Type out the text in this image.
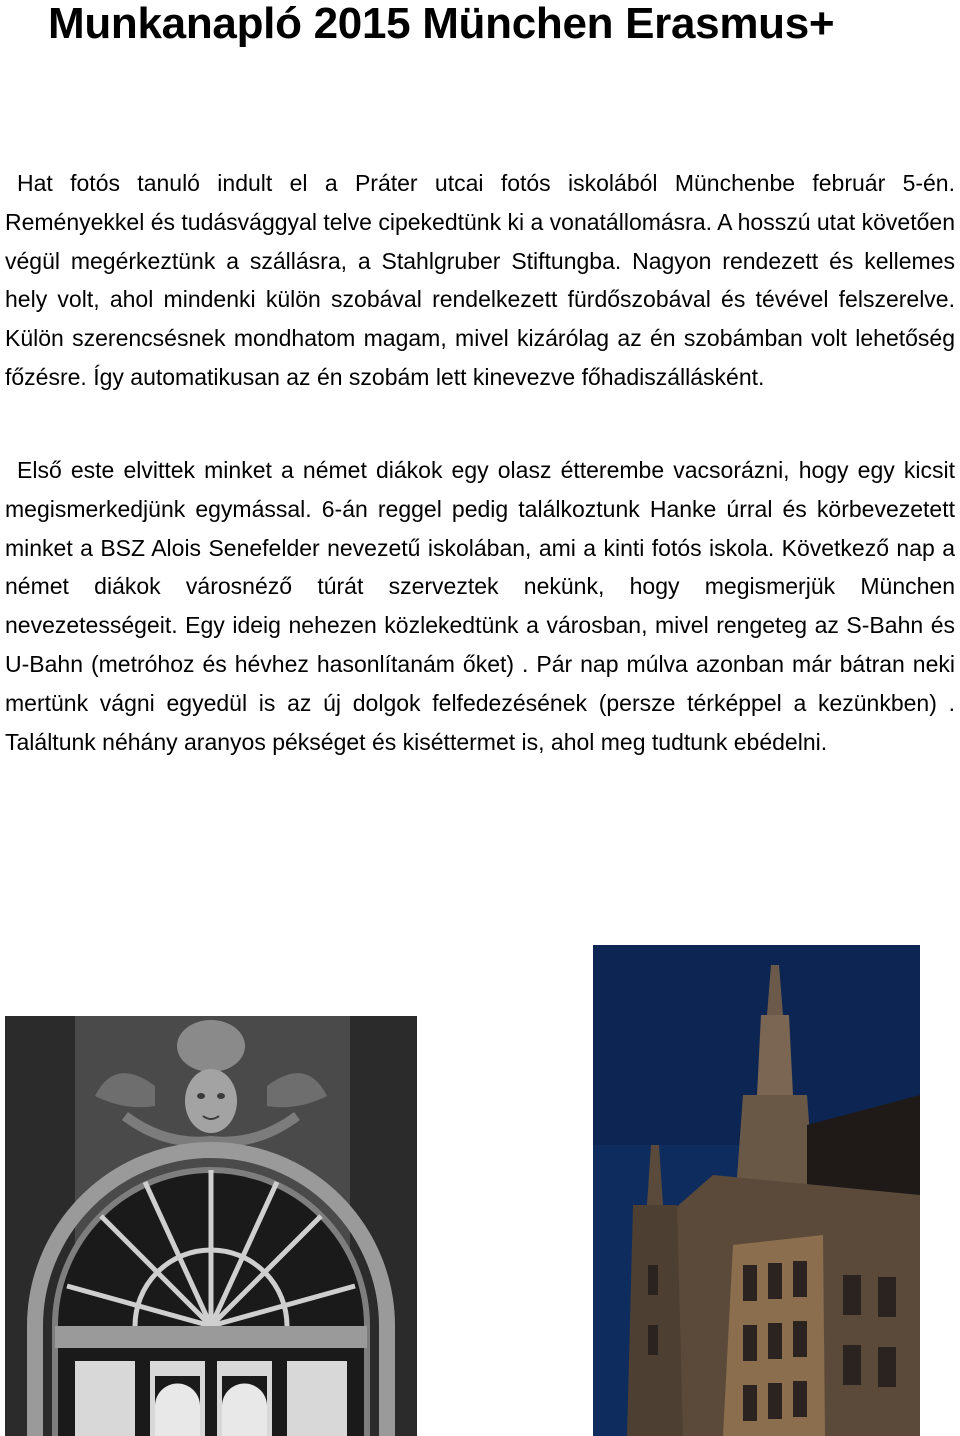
Munkanapló 2015 München Erasmus+

Hat fotós tanuló indult el a Práter utcai fotós iskolából Münchenbe február 5-én. Reményekkel és tudásvággyal telve cipekedtünk ki a vonatállomásra. A hosszú utat követően végül megérkeztünk a szállásra, a Stahlgruber Stiftungba. Nagyon rendezett és kellemes hely volt, ahol mindenki külön szobával rendelkezett fürdőszobával és tévével felszerelve. Külön szerencsésnek mondhatom magam, mivel kizárólag az én szobámban volt lehetőség főzésre. Így automatikusan az én szobám lett kinevezve főhadiszállásként.

Első este elvittek minket a német diákok egy olasz étterembe vacsorázni, hogy egy kicsit megismerkedjünk egymással. 6-án reggel pedig találkoztunk Hanke úrral és körbevezetett minket a BSZ Alois Senefelder nevezetű iskolában, ami a kinti fotós iskola. Következő nap a német diákok városnéző túrát szerveztek nekünk, hogy megismerjük München nevezetességeit. Egy ideig nehezen közlekedtünk a városban, mivel rengeteg az S-Bahn és U-Bahn (metróhoz és hévhez hasonlítanám őket) . Pár nap múlva azonban már bátran neki mertünk vágni egyedül is az új dolgok felfedezésének (persze térképpel a kezünkben) . Találtunk néhány aranyos pékséget és kiséttermet is, ahol meg tudtunk ebédelni.
